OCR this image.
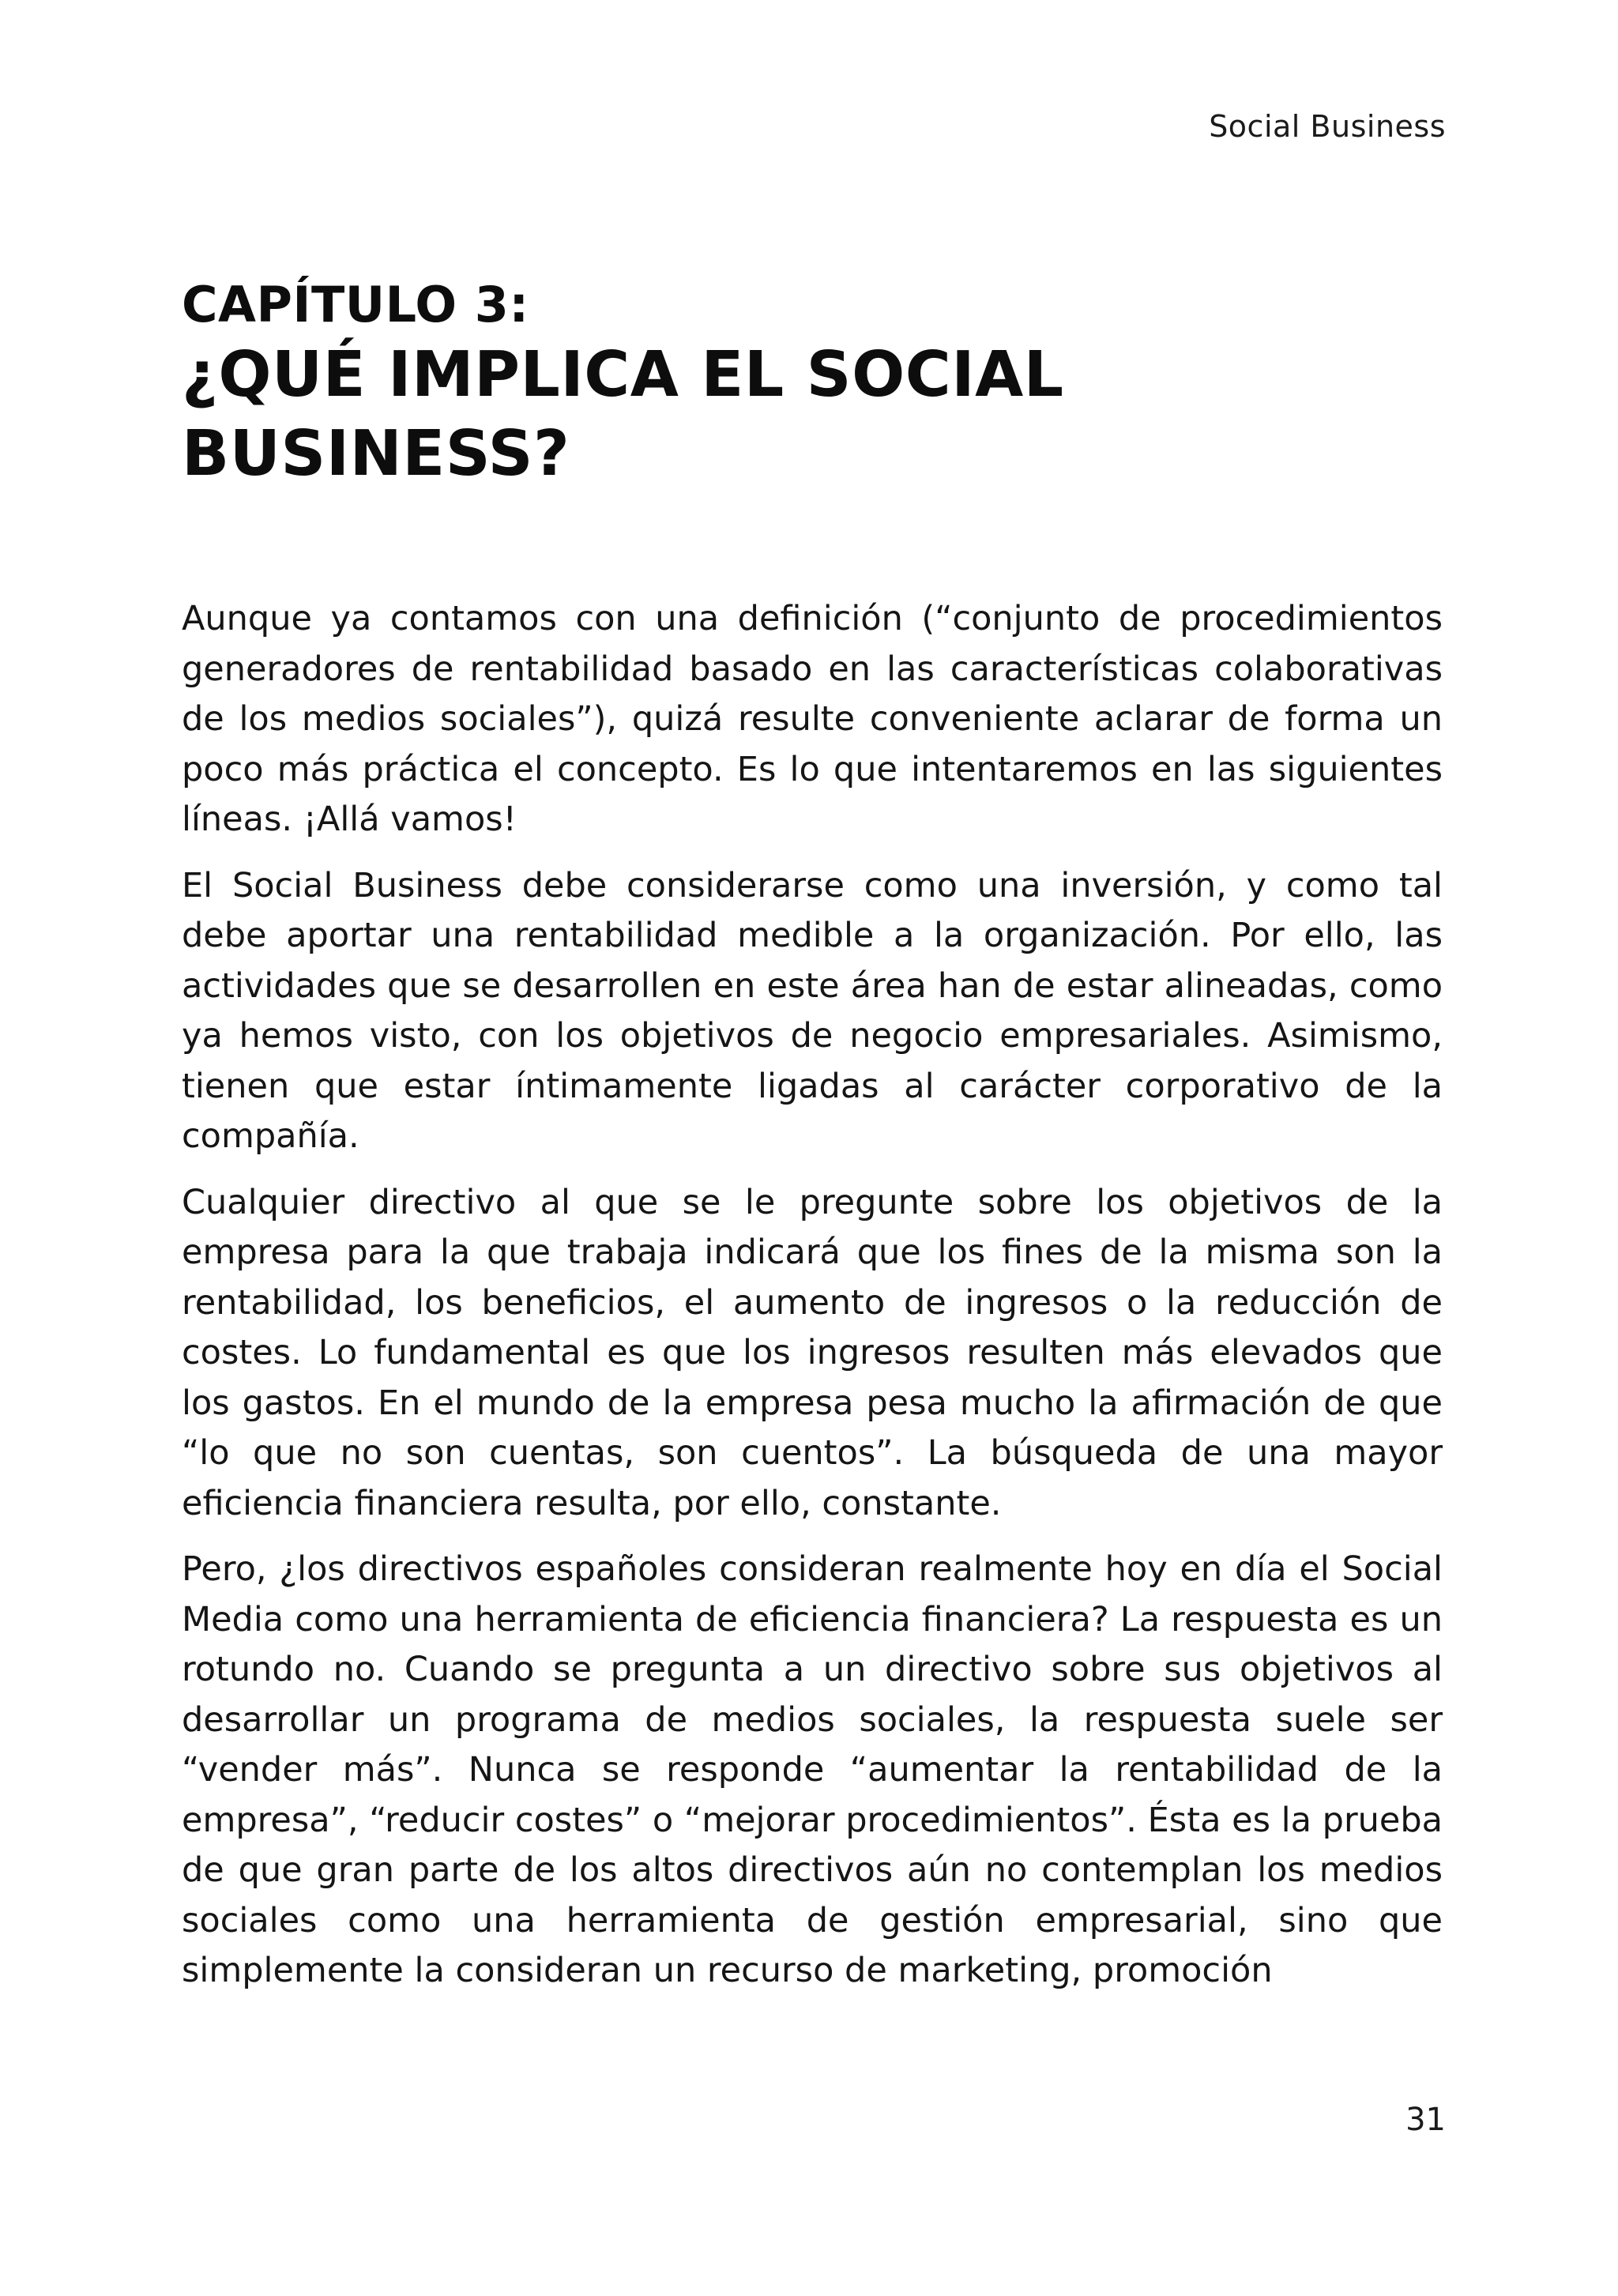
Social Business
CAPÍTULO 3:
¿QUÉ IMPLICA EL SOCIAL BUSINESS?

Aunque ya contamos con una definición (“conjunto de procedimientos generadores de rentabilidad basado en las características colaborativas de los medios sociales”), quizá resulte conveniente aclarar de forma un poco más práctica el concepto. Es lo que intentaremos en las siguientes líneas. ¡Allá vamos!

El Social Business debe considerarse como una inversión, y como tal debe aportar una rentabilidad medible a la organización. Por ello, las actividades que se desarrollen en este área han de estar alineadas, como ya hemos visto, con los objetivos de negocio empresariales. Asimismo, tienen que estar íntimamente ligadas al carácter corporativo de la compañía.

Cualquier directivo al que se le pregunte sobre los objetivos de la empresa para la que trabaja indicará que los fines de la misma son la rentabilidad, los beneficios, el aumento de ingresos o la reducción de costes. Lo fundamental es que los ingresos resulten más elevados que los gastos. En el mundo de la empresa pesa mucho la afirmación de que “lo que no son cuentas, son cuentos”. La búsqueda de una mayor eficiencia financiera resulta, por ello, constante.

Pero, ¿los directivos españoles consideran realmente hoy en día el Social Media como una herramienta de eficiencia financiera? La respuesta es un rotundo no. Cuando se pregunta a un directivo sobre sus objetivos al desarrollar un programa de medios sociales, la respuesta suele ser “vender más”. Nunca se responde “aumentar la rentabilidad de la empresa”, “reducir costes” o “mejorar procedimientos”. Ésta es la prueba de que gran parte de los altos directivos aún no contemplan los medios sociales como una herramienta de gestión empresarial, sino que simplemente la consideran un recurso de marketing, promoción

31
